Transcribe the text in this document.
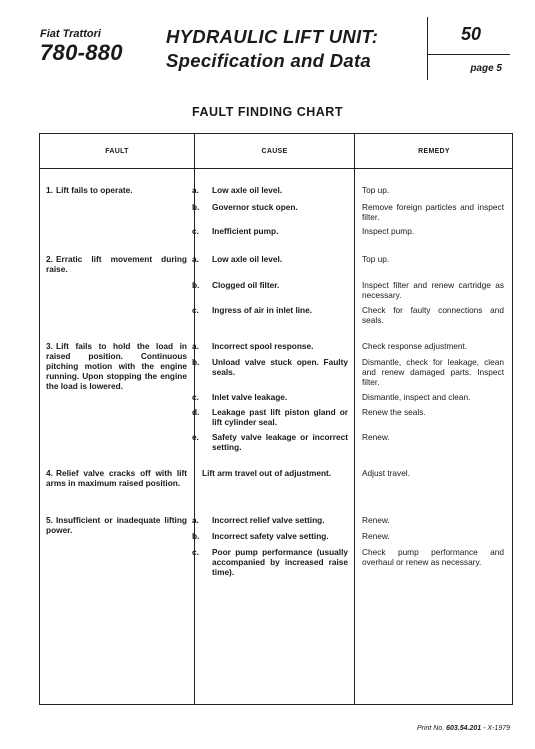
Fiat Trattori
780-880
HYDRAULIC LIFT UNIT:
Specification and Data
50
page 5
FAULT FINDING CHART
FAULT	CAUSE	REMEDY
1. Lift fails to operate.
2. Erratic lift movement during raise.
3. Lift fails to hold the load in raised position. Continuous pitching motion with the engine running. Upon stopping the engine the load is lowered.
4. Relief valve cracks off with lift arms in maximum raised position.
5. Insufficient or inadequate lifting power.
a. Low axle oil level.
b. Governor stuck open.
c. Inefficient pump.
a. Low axle oil level.
b. Clogged oil filter.
c. Ingress of air in inlet line.
a. Incorrect spool response.
b. Unload valve stuck open. Faulty seals.
c. Inlet valve leakage.
d. Leakage past lift piston gland or lift cylinder seal.
e. Safety valve leakage or incorrect setting.
Lift arm travel out of adjustment.
a. Incorrect relief valve setting.
b. Incorrect safety valve setting.
c. Poor pump performance (usually accompanied by increased raise time).
Top up.
Remove foreign particles and inspect filter.
Inspect pump.
Top up.
Inspect filter and renew cartridge as necessary.
Check for faulty connections and seals.
Check response adjustment.
Dismantle, check for leakage, clean and renew damaged parts. Inspect filter.
Dismantle, inspect and clean.
Renew the seals.
Renew.
Adjust travel.
Renew.
Renew.
Check pump performance and overhaul or renew as necessary.
Print No. 603.54.201 - X-1979
